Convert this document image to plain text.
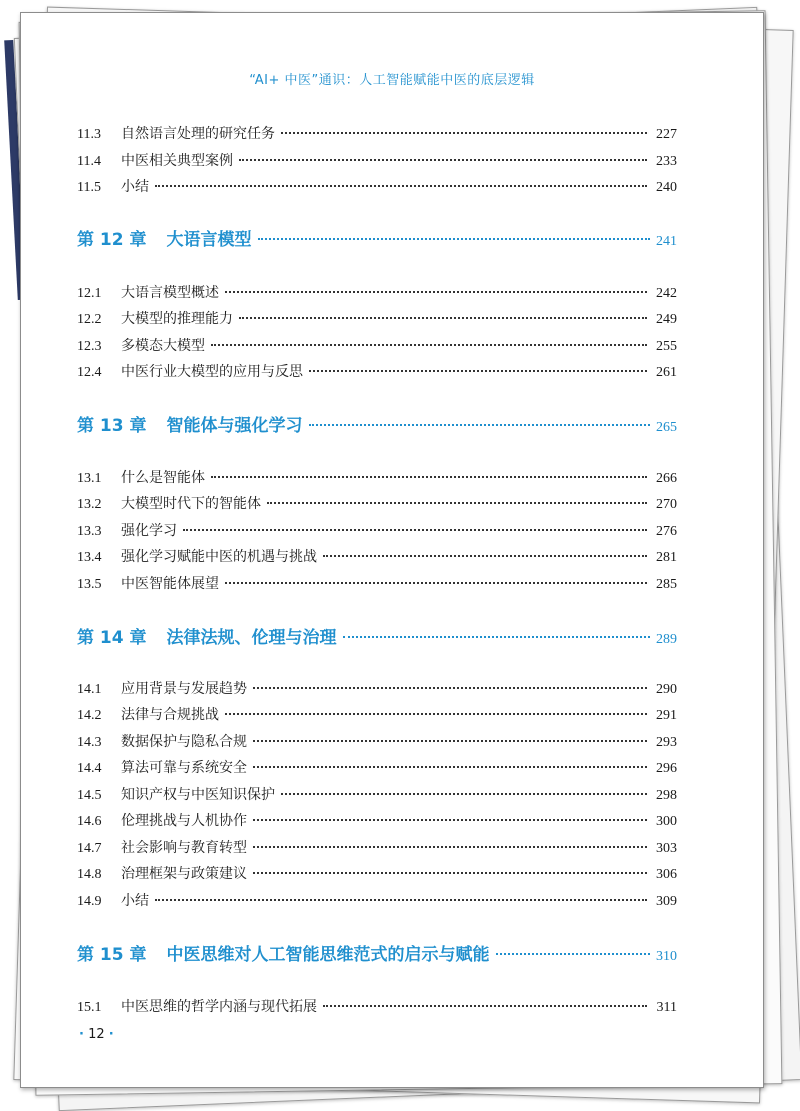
“AI+ 中医”通识：人工智能赋能中医的底层逻辑
11.3	自然语言处理的研究任务	227
11.4	中医相关典型案例	233
11.5	小结	240
第 12 章 大语言模型	241
12.1	大语言模型概述	242
12.2	大模型的推理能力	249
12.3	多模态大模型	255
12.4	中医行业大模型的应用与反思	261
第 13 章 智能体与强化学习	265
13.1	什么是智能体	266
13.2	大模型时代下的智能体	270
13.3	强化学习	276
13.4	强化学习赋能中医的机遇与挑战	281
13.5	中医智能体展望	285
第 14 章 法律法规、伦理与治理	289
14.1	应用背景与发展趋势	290
14.2	法律与合规挑战	291
14.3	数据保护与隐私合规	293
14.4	算法可靠与系统安全	296
14.5	知识产权与中医知识保护	298
14.6	伦理挑战与人机协作	300
14.7	社会影响与教育转型	303
14.8	治理框架与政策建议	306
14.9	小结	309
第 15 章 中医思维对人工智能思维范式的启示与赋能	310
15.1	中医思维的哲学内涵与现代拓展	311
· 12 ·
